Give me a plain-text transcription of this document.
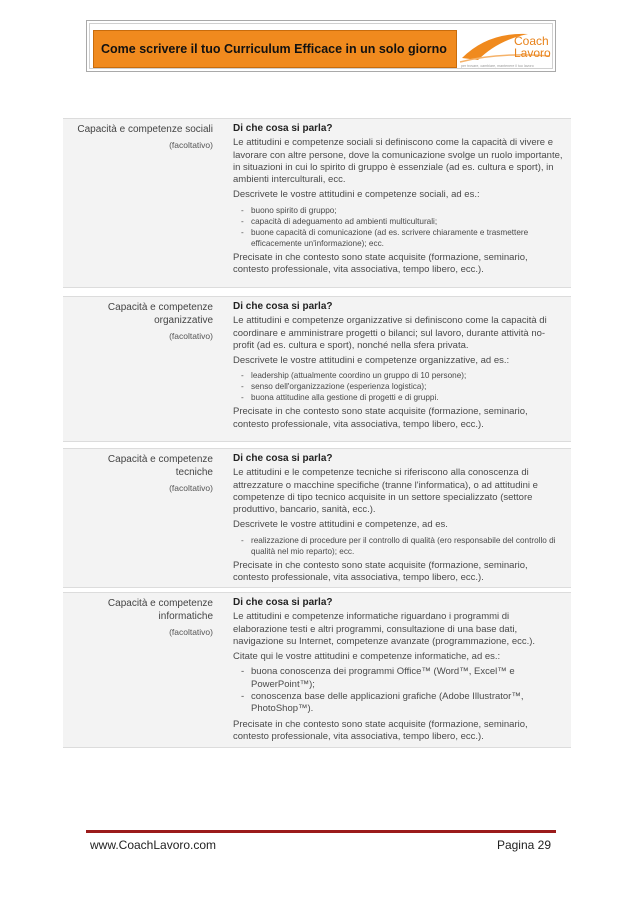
Come scrivere il tuo Curriculum Efficace in un solo giorno
Coach
Lavoro
per trovare, cambiare, mantenere il tuo lavoro
Capacità e competenze sociali
(facoltativo)
Di che cosa si parla?
Le attitudini e competenze sociali si definiscono come la capacità di vivere e lavorare con altre persone, dove la comunicazione svolge un ruolo importante, in situazioni in cui lo spirito di gruppo è essenziale (ad es. cultura e sport), in ambienti interculturali, ecc.
Descrivete le vostre attitudini e competenze sociali, ad es.:
- buono spirito di gruppo;
- capacità di adeguamento ad ambienti multiculturali;
- buone capacità di comunicazione (ad es. scrivere chiaramente e trasmettere efficacemente un'informazione); ecc.
Precisate in che contesto sono state acquisite (formazione, seminario, contesto professionale, vita associativa, tempo libero, ecc.).
Capacità e competenze
organizzative
(facoltativo)
Di che cosa si parla?
Le attitudini e competenze organizzative si definiscono come la capacità di coordinare e amministrare progetti o bilanci; sul lavoro, durante attività no-profit (ad es. cultura e sport), nonché nella sfera privata.
Descrivete le vostre attitudini e competenze organizzative, ad es.:
- leadership (attualmente coordino un gruppo di 10 persone);
- senso dell'organizzazione (esperienza logistica);
- buona attitudine alla gestione di progetti e di gruppi.
Precisate in che contesto sono state acquisite (formazione, seminario, contesto professionale, vita associativa, tempo libero, ecc.).
Capacità e competenze
tecniche
(facoltativo)
Di che cosa si parla?
Le attitudini e le competenze tecniche si riferiscono alla conoscenza di attrezzature o macchine specifiche (tranne l'informatica), o ad attitudini e competenze di tipo tecnico acquisite in un settore specializzato (settore produttivo, bancario, sanità, ecc.).
Descrivete le vostre attitudini e competenze, ad es.
- realizzazione di procedure per il controllo di qualità (ero responsabile del controllo di qualità nel mio reparto); ecc.
Precisate in che contesto sono state acquisite (formazione, seminario, contesto professionale, vita associativa, tempo libero, ecc.).
Capacità e competenze
informatiche
(facoltativo)
Di che cosa si parla?
Le attitudini e competenze informatiche riguardano i programmi di elaborazione testi e altri programmi, consultazione di una base dati, navigazione su Internet, competenze avanzate (programmazione, ecc.).
Citate qui le vostre attitudini e competenze informatiche, ad es.:
- buona conoscenza dei programmi Office™ (Word™, Excel™ e PowerPoint™);
- conoscenza base delle applicazioni grafiche (Adobe Illustrator™, PhotoShop™).
Precisate in che contesto sono state acquisite (formazione, seminario, contesto professionale, vita associativa, tempo libero, ecc.).
www.CoachLavoro.com	Pagina 29
